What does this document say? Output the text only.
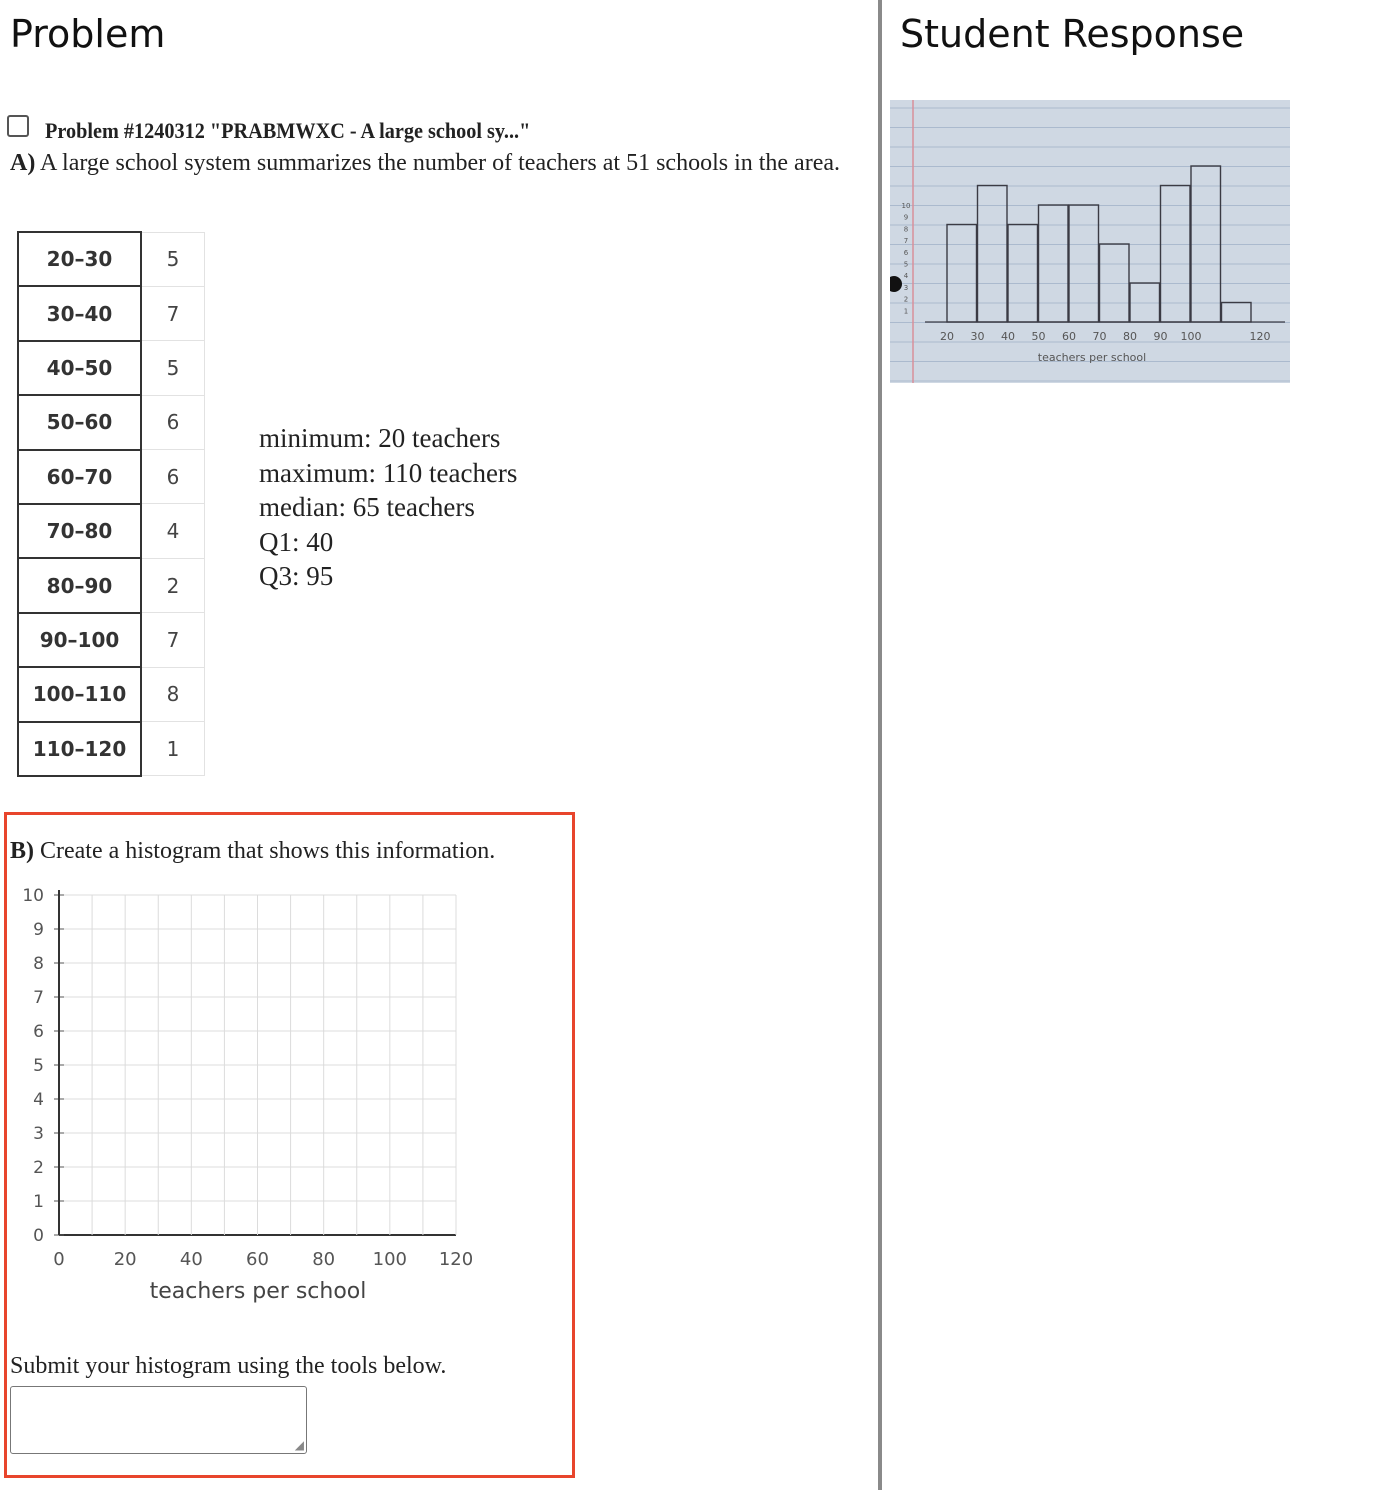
Problem	Student Response
Problem #1240312 "PRABMWXC - A large school sy..."
A) A large school system summarizes the number of teachers at 51 schools in the area.
20–30	5
30–40	7
40–50	5
50–60	6
60–70	6
70–80	4
80–90	2
90–100	7
100–110	8
110–120	1
minimum: 20 teachers
maximum: 110 teachers
median: 65 teachers
Q1: 40
Q3: 95
B) Create a histogram that shows this information.
0
1
2
3
4
5
6
7
8
9
10
0	20 40 60 80 100 120
teachers per school
Submit your histogram using the tools below.
◢
1
2
3
4
5
6
7
8
9
10
20 30 40 50 60 70 80 90 100	120
teachers per school
